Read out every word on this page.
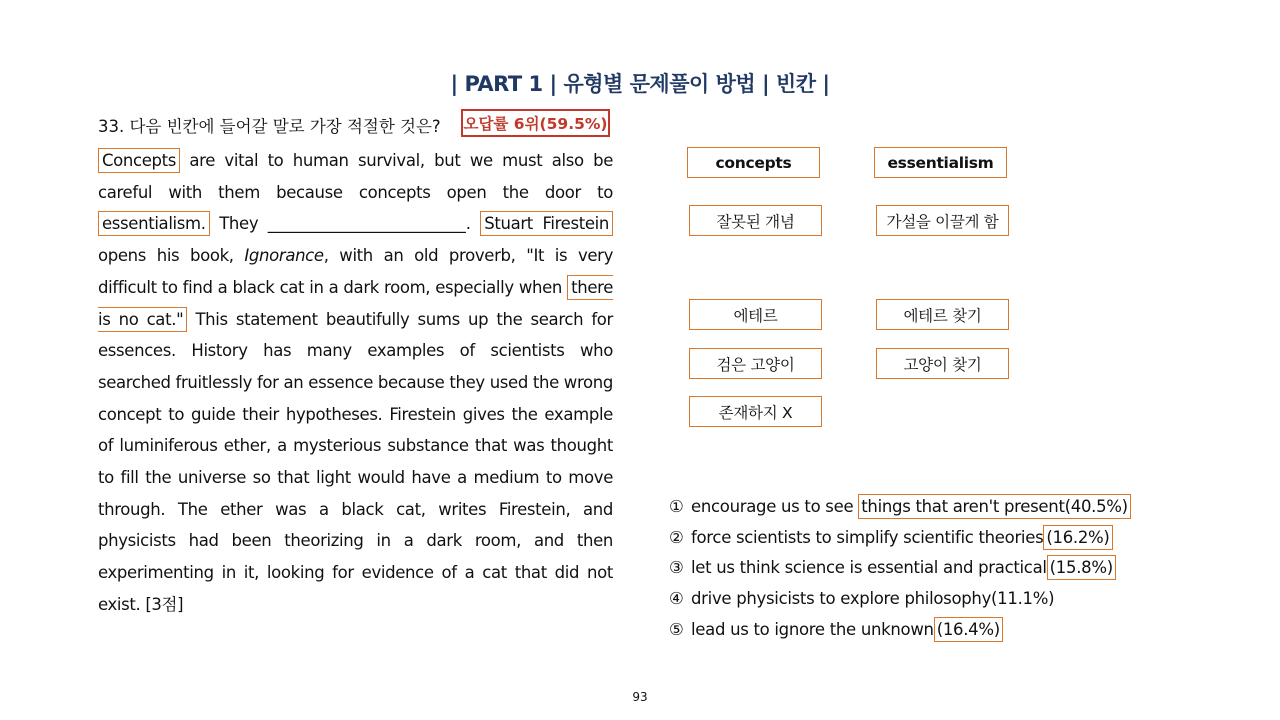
| PART 1 | 유형별 문제풀이 방법 | 빈칸 |
33. 다음 빈칸에 들어갈 말로 가장 적절한 것은? 오답률 6위(59.5%)
Concepts are vital to human survival, but we must also be careful with them because concepts open the door to essentialism. They ________________________. Stuart Firestein opens his book, Ignorance, with an old proverb, "It is very difficult to find a black cat in a dark room, especially when there is no cat." This statement beautifully sums up the search for essences. History has many examples of scientists who searched fruitlessly for an essence because they used the wrong concept to guide their hypotheses. Firestein gives the example of luminiferous ether, a mysterious substance that was thought to fill the universe so that light would have a medium to move through. The ether was a black cat, writes Firestein, and physicists had been theorizing in a dark room, and then experimenting in it, looking for evidence of a cat that did not exist. [3점]
concepts	essentialism
잘못된 개념	가설을 이끌게 함
에테르	에테르 찾기
검은 고양이	고양이 찾기
존재하지 X
① encourage us to see things that aren't present(40.5%)
② force scientists to simplify scientific theories (16.2%)
③ let us think science is essential and practical (15.8%)
④ drive physicists to explore philosophy(11.1%)
⑤ lead us to ignore the unknown (16.4%)
93
